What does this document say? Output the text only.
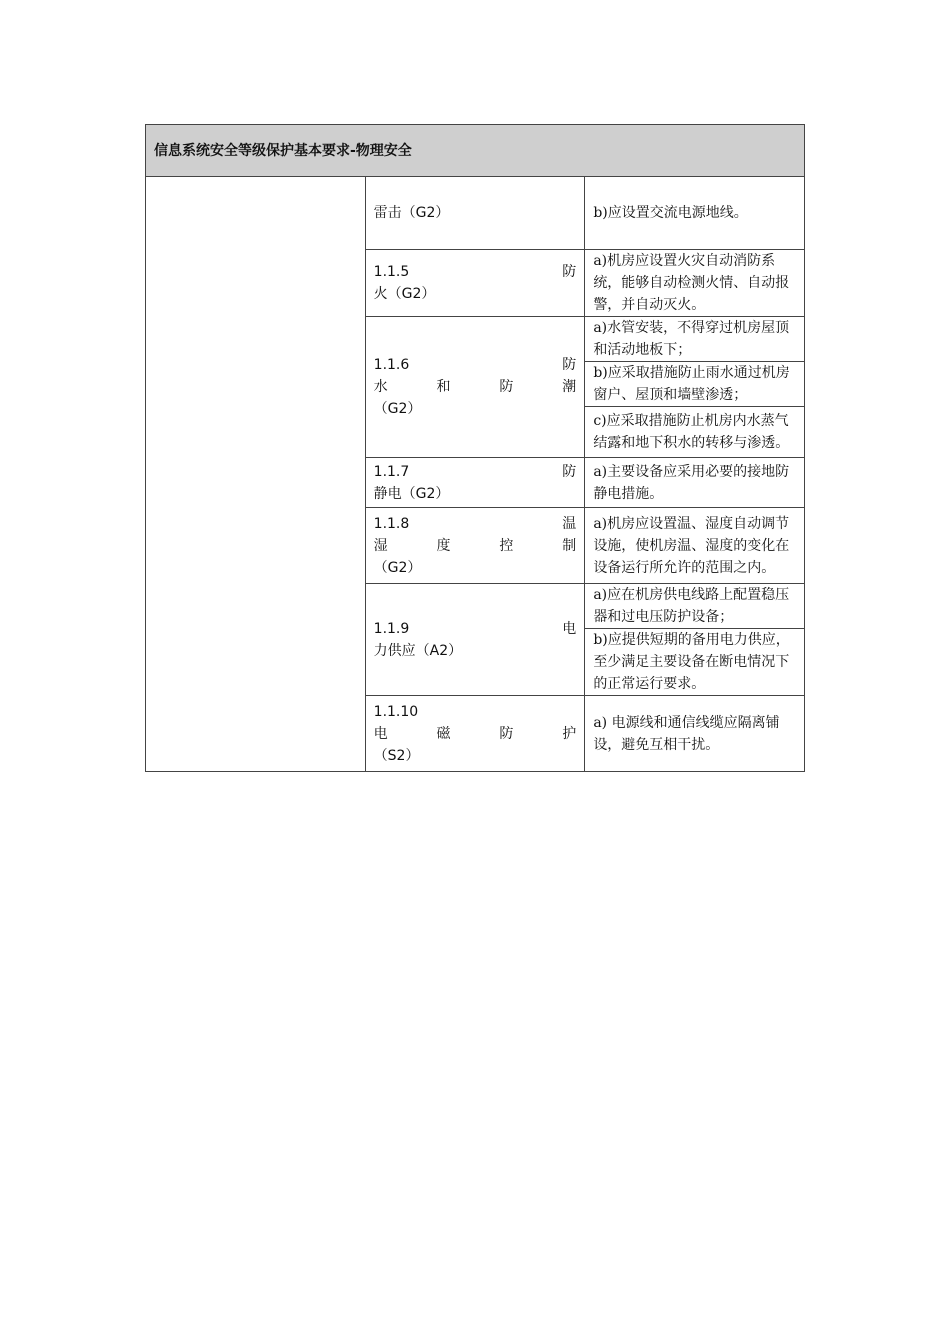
信息系统安全等级保护基本要求-物理安全		
	雷击（G2）	b)应设置交流电源地线。

	1.1.5　　防
火（G2）	a)机房应设置火灾自动消防系统，能够自动检测火情、自动报警，并自动灭火。

	1.1.6　　防
水和防潮
（G2）	a)水管安装，不得穿过机房屋顶和活动地板下；
		b)应采取措施防止雨水通过机房窗户、屋顶和墙壁渗透；
		c)应采取措施防止机房内水蒸气结露和地下积水的转移与渗透。

	1.1.7　　防
静电（G2）	a)主要设备应采用必要的接地防静电措施。

	1.1.8　　温
湿度控制
（G2）	a)机房应设置温、湿度自动调节设施，使机房温、湿度的变化在设备运行所允许的范围之内。

	1.1.9　　电
力供应（A2）	a)应在机房供电线路上配置稳压器和过电压防护设备；
		b)应提供短期的备用电力供应，至少满足主要设备在断电情况下的正常运行要求。

	1.1.10
电磁防护
（S2）	a) 电源线和通信线缆应隔离铺设，避免互相干扰。
